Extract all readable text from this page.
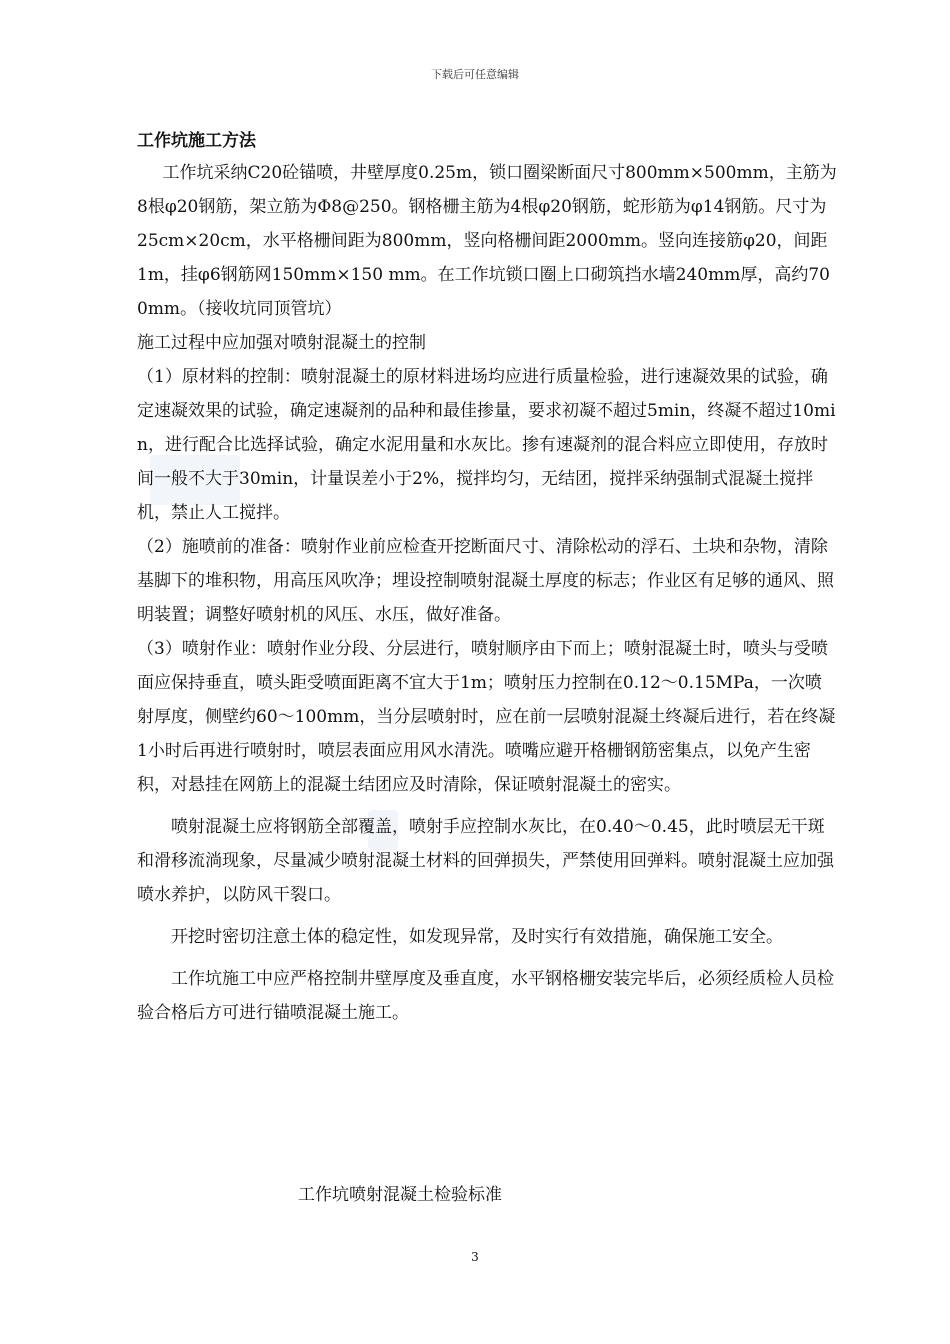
下载后可任意编辑
工作坑施工方法

工作坑采纳C20砼锚喷，井壁厚度0.25m，锁口圈梁断面尺寸800mm×500mm，主筋为8根φ20钢筋，架立筋为Φ8@250。钢格栅主筋为4根φ20钢筋，蛇形筋为φ14钢筋。尺寸为25cm×20cm，水平格栅间距为800mm，竖向格栅间距2000mm。竖向连接筋φ20，间距1m，挂φ6钢筋网150mm×150 mm。在工作坑锁口圈上口砌筑挡水墙240mm厚，高约700mm。（接收坑同顶管坑）

施工过程中应加强对喷射混凝土的控制

（1）原材料的控制：喷射混凝土的原材料进场均应进行质量检验，进行速凝效果的试验，确定速凝效果的试验，确定速凝剂的品种和最佳掺量，要求初凝不超过5min，终凝不超过10min，进行配合比选择试验，确定水泥用量和水灰比。掺有速凝剂的混合料应立即使用，存放时间一般不大于30min，计量误差小于2%，搅拌均匀，无结团，搅拌采纳强制式混凝土搅拌机，禁止人工搅拌。

（2）施喷前的准备：喷射作业前应检查开挖断面尺寸、清除松动的浮石、土块和杂物，清除基脚下的堆积物，用高压风吹净；埋设控制喷射混凝土厚度的标志；作业区有足够的通风、照明装置；调整好喷射机的风压、水压，做好准备。

（3）喷射作业：喷射作业分段、分层进行，喷射顺序由下而上；喷射混凝土时，喷头与受喷面应保持垂直，喷头距受喷面距离不宜大于1m；喷射压力控制在0.12～0.15MPa，一次喷射厚度，侧壁约60～100mm，当分层喷射时，应在前一层喷射混凝土终凝后进行，若在终凝1小时后再进行喷射时，喷层表面应用风水清洗。喷嘴应避开格栅钢筋密集点，以免产生密积，对悬挂在网筋上的混凝土结团应及时清除，保证喷射混凝土的密实。

喷射混凝土应将钢筋全部覆盖，喷射手应控制水灰比，在0.40～0.45，此时喷层无干斑和滑移流淌现象，尽量减少喷射混凝土材料的回弹损失，严禁使用回弹料。喷射混凝土应加强喷水养护，以防风干裂口。

开挖时密切注意土体的稳定性，如发现异常，及时实行有效措施，确保施工安全。

工作坑施工中应严格控制井壁厚度及垂直度，水平钢格栅安装完毕后，必须经质检人员检验合格后方可进行锚喷混凝土施工。

工作坑喷射混凝土检验标准
3
